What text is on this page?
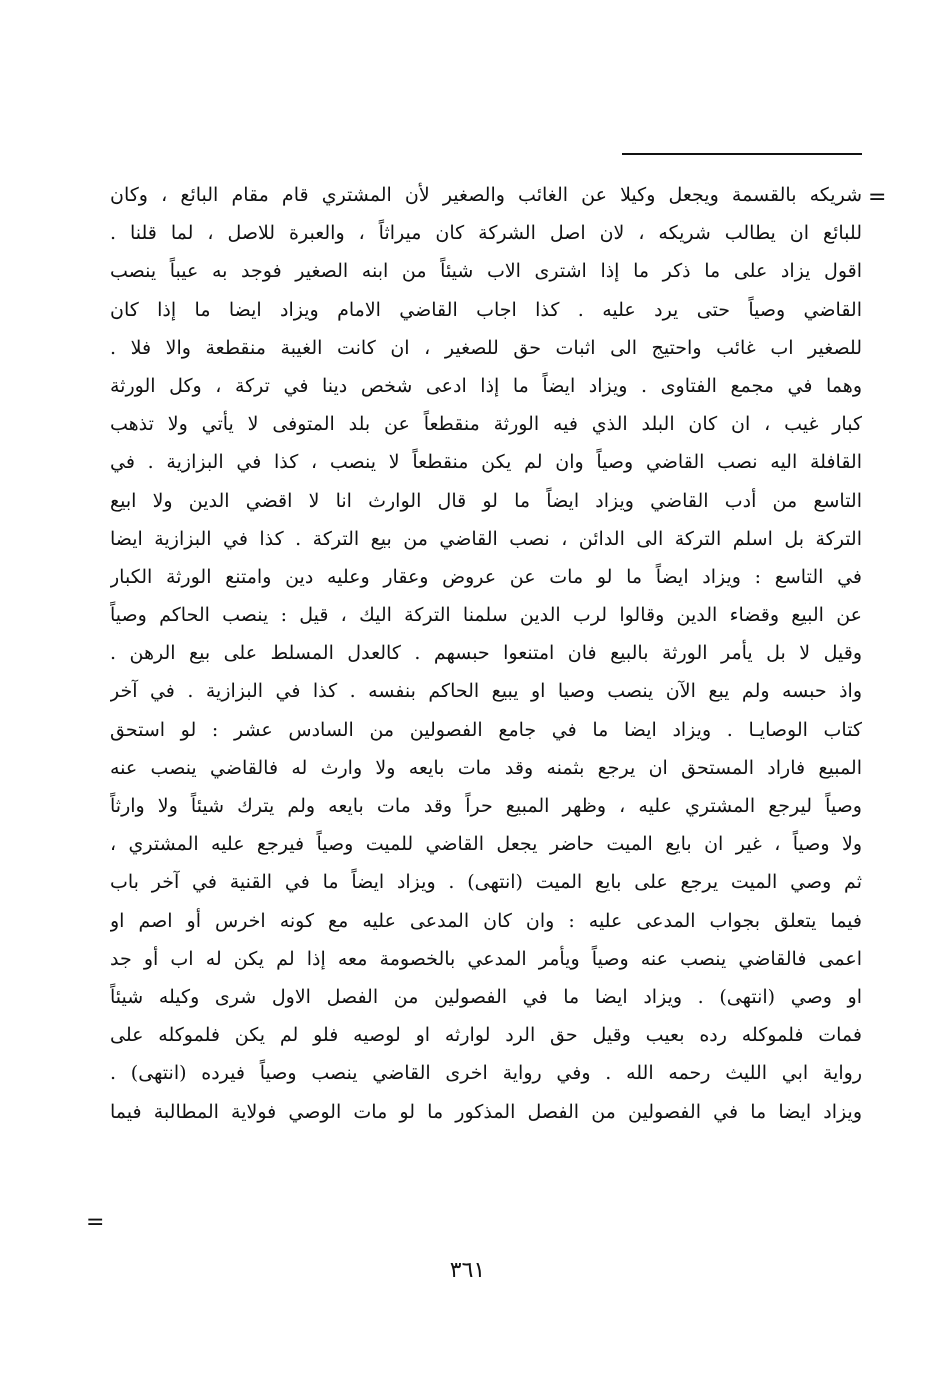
=
شريكه بالقسمة ويجعل وكيلا عن الغائب والصغير لأن المشتري قام مقام البائع ، وكان
للبائع ان يطالب شريكه ، لان اصل الشركة كان ميراثاً ، والعبرة للاصل ، لما قلنا .
اقول يزاد على ما ذكر ما إذا اشترى الاب شيئاً من ابنه الصغير فوجد به عيباً ينصب
القاضي وصياً حتى يرد عليه . كذا اجاب القاضي الامام ويزاد ايضا ما إذا كان
للصغير اب غائب واحتيج الى اثبات حق للصغير ، ان كانت الغيبة منقطعة والا فلا .
وهما في مجمع الفتاوى . ويزاد ايضاً ما إذا ادعى شخص دينا في تركة ، وكل الورثة
كبار غيب ، ان كان البلد الذي فيه الورثة منقطعاً عن بلد المتوفى لا يأتي ولا تذهب
القافلة اليه نصب القاضي وصياً وان لم يكن منقطعاً لا ينصب ، كذا في البزازية . في
التاسع من أدب القاضي ويزاد ايضاً ما لو قال الوارث انا لا اقضي الدين ولا ابيع
التركة بل اسلم التركة الى الدائن ، نصب القاضي من بيع التركة . كذا في البزازية ايضا
في التاسع : ويزاد ايضاً ما لو مات عن عروض وعقار وعليه دين وامتنع الورثة الكبار
عن البيع وقضاء الدين وقالوا لرب الدين سلمنا التركة اليك ، قيل : ينصب الحاكم وصياً
وقيل لا بل يأمر الورثة بالبيع فان امتنعوا حبسهم . كالعدل المسلط على بيع الرهن .
واذ حبسه ولم يبع الآن ينصب وصيا او يبيع الحاكم بنفسه . كذا في البزازية . في آخر
كتاب الوصايـا . ويزاد ايضا ما في جامع الفصولين من السادس عشر : لو استحق
المبيع فاراد المستحق ان يرجع بثمنه وقد مات بايعه ولا وارث له فالقاضي ينصب عنه
وصياً ليرجع المشتري عليه ، وظهر المبيع حراً وقد مات بايعه ولم يترك شيئاً ولا وارثاً
ولا وصياً ، غير ان بايع الميت حاضر يجعل القاضي للميت وصياً فيرجع عليه المشتري ،
ثم وصي الميت يرجع على بايع الميت (انتهى) . ويزاد ايضاً ما في القنية في آخر باب
فيما يتعلق بجواب المدعى عليه : وان كان المدعى عليه مع كونه اخرس أو اصم او
اعمى فالقاضي ينصب عنه وصياً ويأمر المدعي بالخصومة معه إذا لم يكن له اب أو جد
او وصي (انتهى) . ويزاد ايضا ما في الفصولين من الفصل الاول شرى وكيله شيئاً
فمات فلموكله رده بعيب وقيل حق الرد لوارثه او لوصيه فلو لم يكن فلموكله على
رواية ابي الليث رحمه الله . وفي رواية اخرى القاضي ينصب وصياً فيرده (انتهى) .
ويزاد ايضا ما في الفصولين من الفصل المذكور ما لو مات الوصي فولاية المطالبة فيما
=
٣٦١
